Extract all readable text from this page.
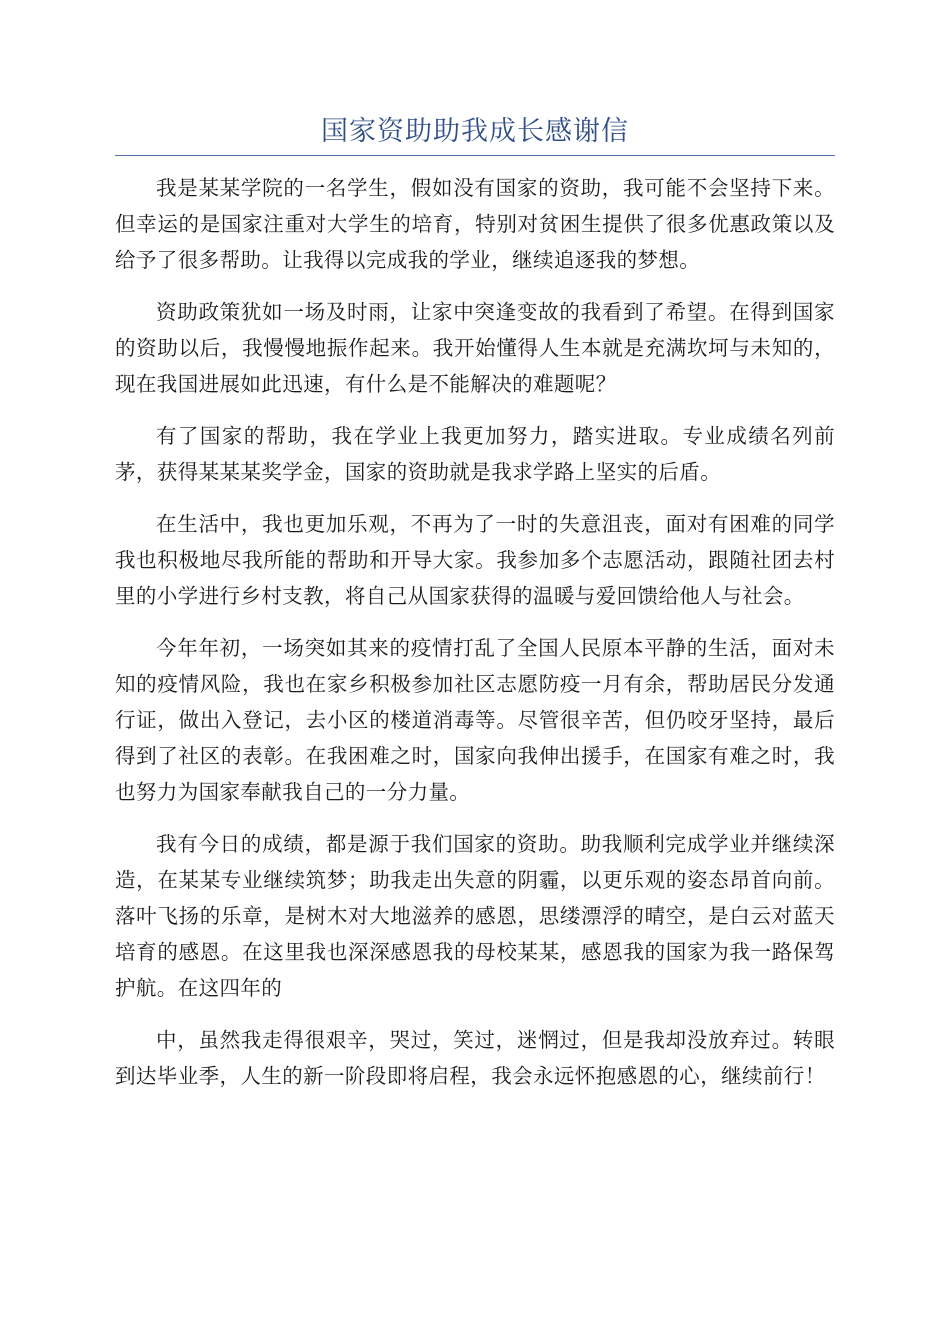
国家资助助我成长感谢信

我是某某学院的一名学生，假如没有国家的资助，我可能不会坚持下来。但幸运的是国家注重对大学生的培育，特别对贫困生提供了很多优惠政策以及给予了很多帮助。让我得以完成我的学业，继续追逐我的梦想。

资助政策犹如一场及时雨，让家中突逢变故的我看到了希望。在得到国家的资助以后，我慢慢地振作起来。我开始懂得人生本就是充满坎坷与未知的，现在我国进展如此迅速，有什么是不能解决的难题呢？

有了国家的帮助，我在学业上我更加努力，踏实进取。专业成绩名列前茅，获得某某某奖学金，国家的资助就是我求学路上坚实的后盾。

在生活中，我也更加乐观，不再为了一时的失意沮丧，面对有困难的同学我也积极地尽我所能的帮助和开导大家。我参加多个志愿活动，跟随社团去村里的小学进行乡村支教，将自己从国家获得的温暖与爱回馈给他人与社会。

今年年初，一场突如其来的疫情打乱了全国人民原本平静的生活，面对未知的疫情风险，我也在家乡积极参加社区志愿防疫一月有余，帮助居民分发通行证，做出入登记，去小区的楼道消毒等。尽管很辛苦，但仍咬牙坚持，最后得到了社区的表彰。在我困难之时，国家向我伸出援手，在国家有难之时，我也努力为国家奉献我自己的一分力量。

我有今日的成绩，都是源于我们国家的资助。助我顺利完成学业并继续深造，在某某专业继续筑梦；助我走出失意的阴霾，以更乐观的姿态昂首向前。落叶飞扬的乐章，是树木对大地滋养的感恩，思缕漂浮的晴空，是白云对蓝天培育的感恩。在这里我也深深感恩我的母校某某，感恩我的国家为我一路保驾护航。在这四年的

中，虽然我走得很艰辛，哭过，笑过，迷惘过，但是我却没放弃过。转眼到达毕业季，人生的新一阶段即将启程，我会永远怀抱感恩的心，继续前行！
